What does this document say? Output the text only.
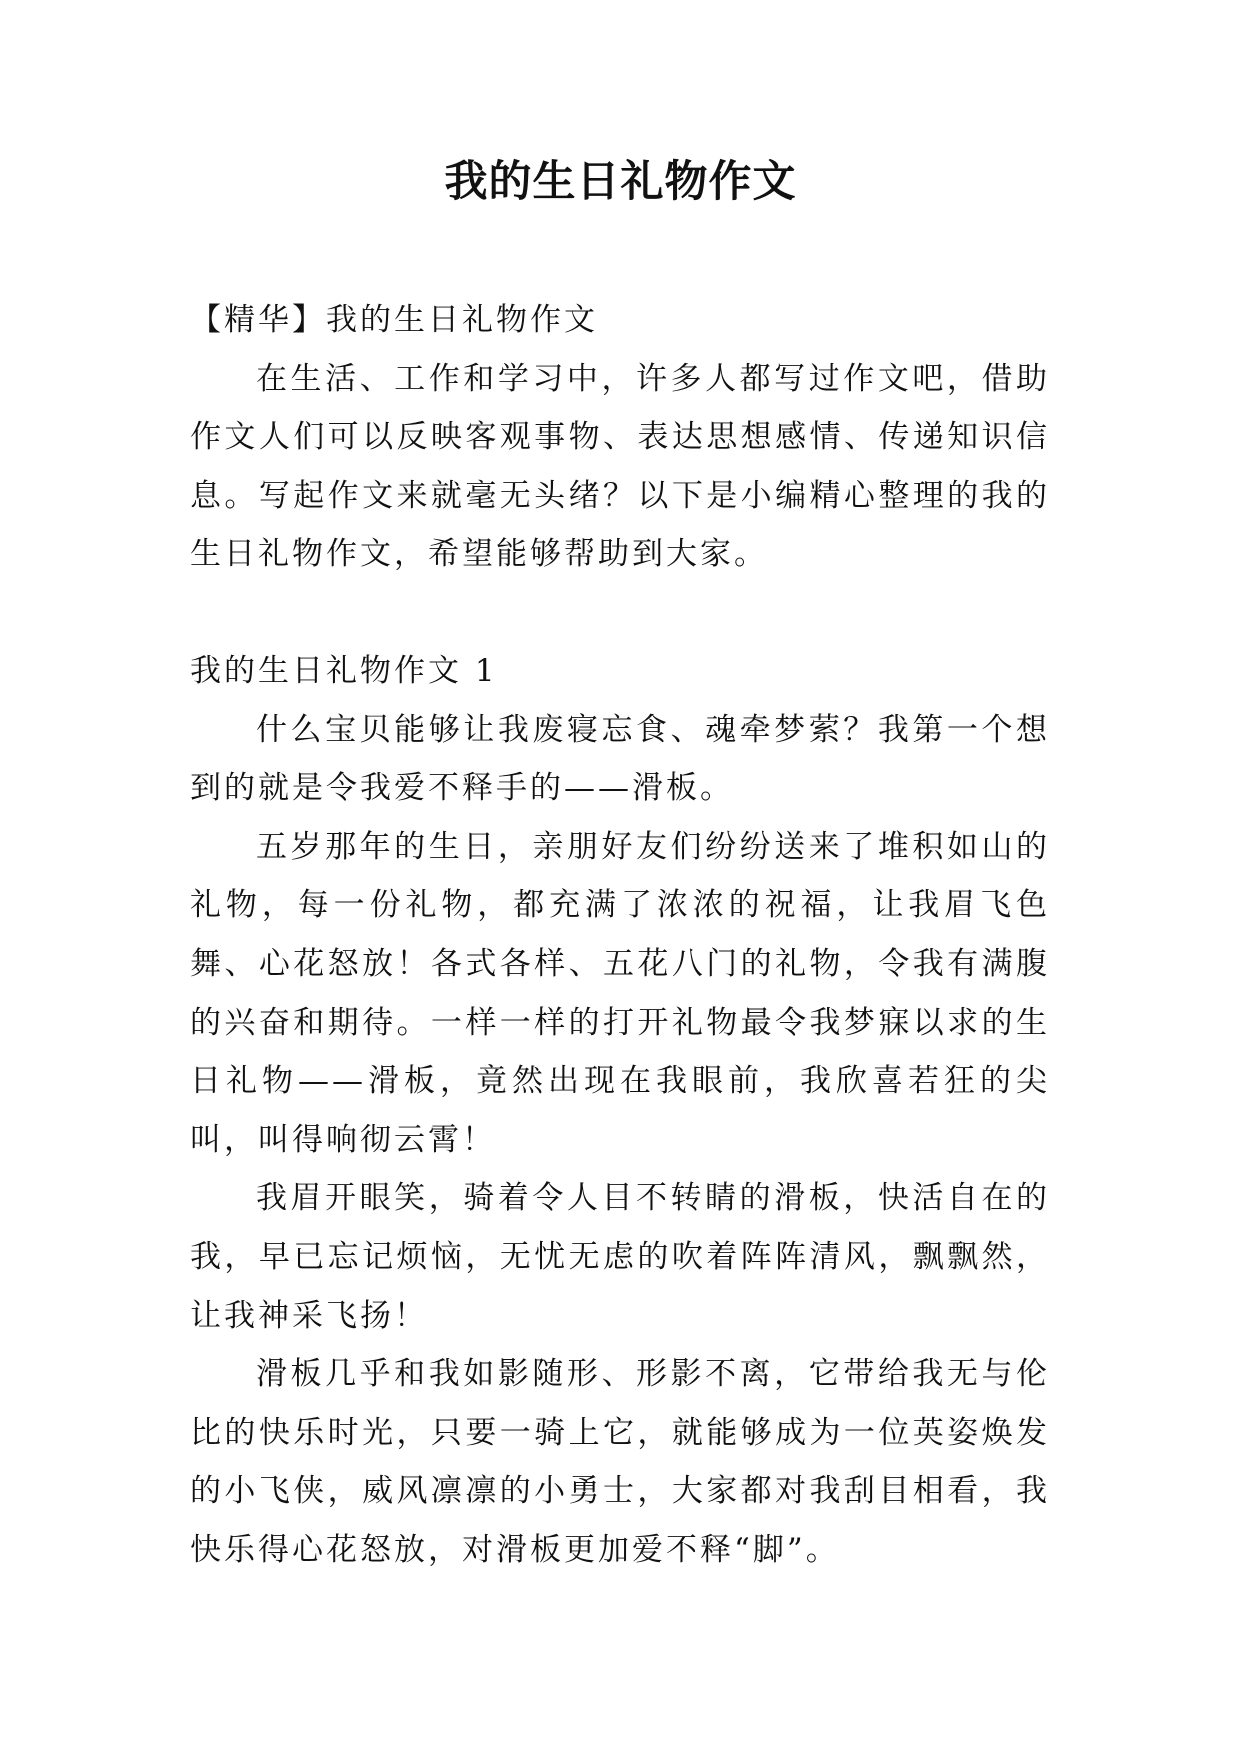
我的生日礼物作文

【精华】我的生日礼物作文

在生活、工作和学习中，许多人都写过作文吧，借助作文人们可以反映客观事物、表达思想感情、传递知识信息。写起作文来就毫无头绪？以下是小编精心整理的我的生日礼物作文，希望能够帮助到大家。

我的生日礼物作文 1

什么宝贝能够让我废寝忘食、魂牵梦萦？我第一个想到的就是令我爱不释手的——滑板。

五岁那年的生日，亲朋好友们纷纷送来了堆积如山的礼物，每一份礼物，都充满了浓浓的祝福，让我眉飞色舞、心花怒放！各式各样、五花八门的礼物，令我有满腹的兴奋和期待。一样一样的打开礼物最令我梦寐以求的生日礼物——滑板，竟然出现在我眼前，我欣喜若狂的尖叫，叫得响彻云霄！

我眉开眼笑，骑着令人目不转睛的滑板，快活自在的我，早已忘记烦恼，无忧无虑的吹着阵阵清风，飘飘然，让我神采飞扬！

滑板几乎和我如影随形、形影不离，它带给我无与伦比的快乐时光，只要一骑上它，就能够成为一位英姿焕发的小飞侠，威风凛凛的小勇士，大家都对我刮目相看，我快乐得心花怒放，对滑板更加爱不释“脚”。
